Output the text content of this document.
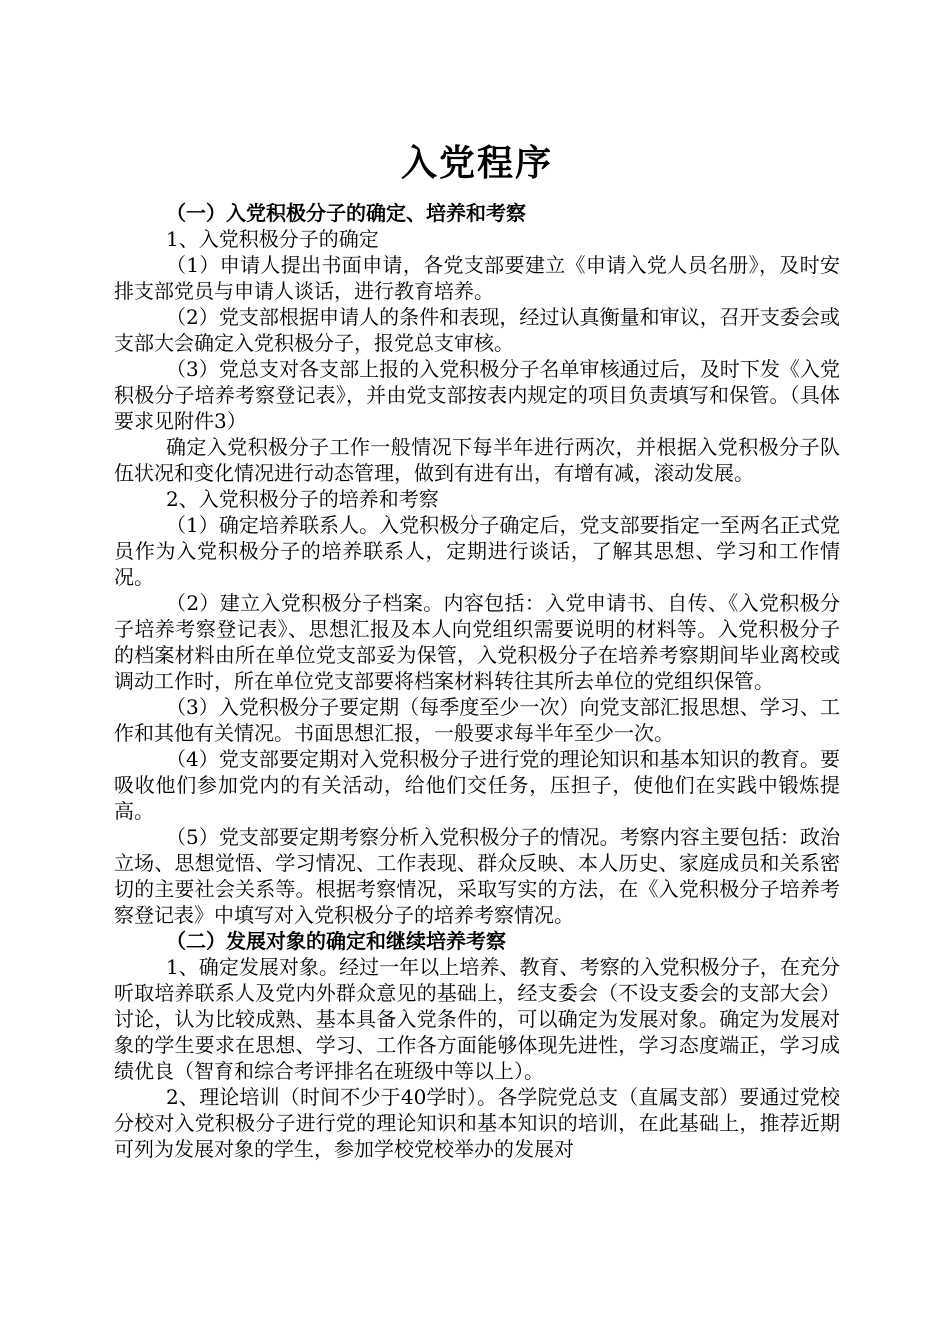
入党程序

（一）入党积极分子的确定、培养和考察

1、入党积极分子的确定

（1）申请人提出书面申请，各党支部要建立《申请入党人员名册》，及时安排支部党员与申请人谈话，进行教育培养。

（2）党支部根据申请人的条件和表现，经过认真衡量和审议，召开支委会或支部大会确定入党积极分子，报党总支审核。

（3）党总支对各支部上报的入党积极分子名单审核通过后，及时下发《入党积极分子培养考察登记表》，并由党支部按表内规定的项目负责填写和保管。（具体要求见附件3）

确定入党积极分子工作一般情况下每半年进行两次，并根据入党积极分子队伍状况和变化情况进行动态管理，做到有进有出，有增有减，滚动发展。

2、入党积极分子的培养和考察

（1）确定培养联系人。入党积极分子确定后，党支部要指定一至两名正式党员作为入党积极分子的培养联系人，定期进行谈话，了解其思想、学习和工作情况。

（2）建立入党积极分子档案。内容包括：入党申请书、自传、《入党积极分子培养考察登记表》、思想汇报及本人向党组织需要说明的材料等。入党积极分子的档案材料由所在单位党支部妥为保管，入党积极分子在培养考察期间毕业离校或调动工作时，所在单位党支部要将档案材料转往其所去单位的党组织保管。

（3）入党积极分子要定期（每季度至少一次）向党支部汇报思想、学习、工作和其他有关情况。书面思想汇报，一般要求每半年至少一次。

（4）党支部要定期对入党积极分子进行党的理论知识和基本知识的教育。要吸收他们参加党内的有关活动，给他们交任务，压担子，使他们在实践中锻炼提高。

（5）党支部要定期考察分析入党积极分子的情况。考察内容主要包括：政治立场、思想觉悟、学习情况、工作表现、群众反映、本人历史、家庭成员和关系密切的主要社会关系等。根据考察情况，采取写实的方法，在《入党积极分子培养考察登记表》中填写对入党积极分子的培养考察情况。

（二）发展对象的确定和继续培养考察

1、确定发展对象。经过一年以上培养、教育、考察的入党积极分子，在充分听取培养联系人及党内外群众意见的基础上，经支委会（不设支委会的支部大会）讨论，认为比较成熟、基本具备入党条件的，可以确定为发展对象。确定为发展对象的学生要求在思想、学习、工作各方面能够体现先进性，学习态度端正，学习成绩优良（智育和综合考评排名在班级中等以上）。

2、理论培训（时间不少于40学时）。各学院党总支（直属支部）要通过党校分校对入党积极分子进行党的理论知识和基本知识的培训，在此基础上，推荐近期可列为发展对象的学生，参加学校党校举办的发展对
